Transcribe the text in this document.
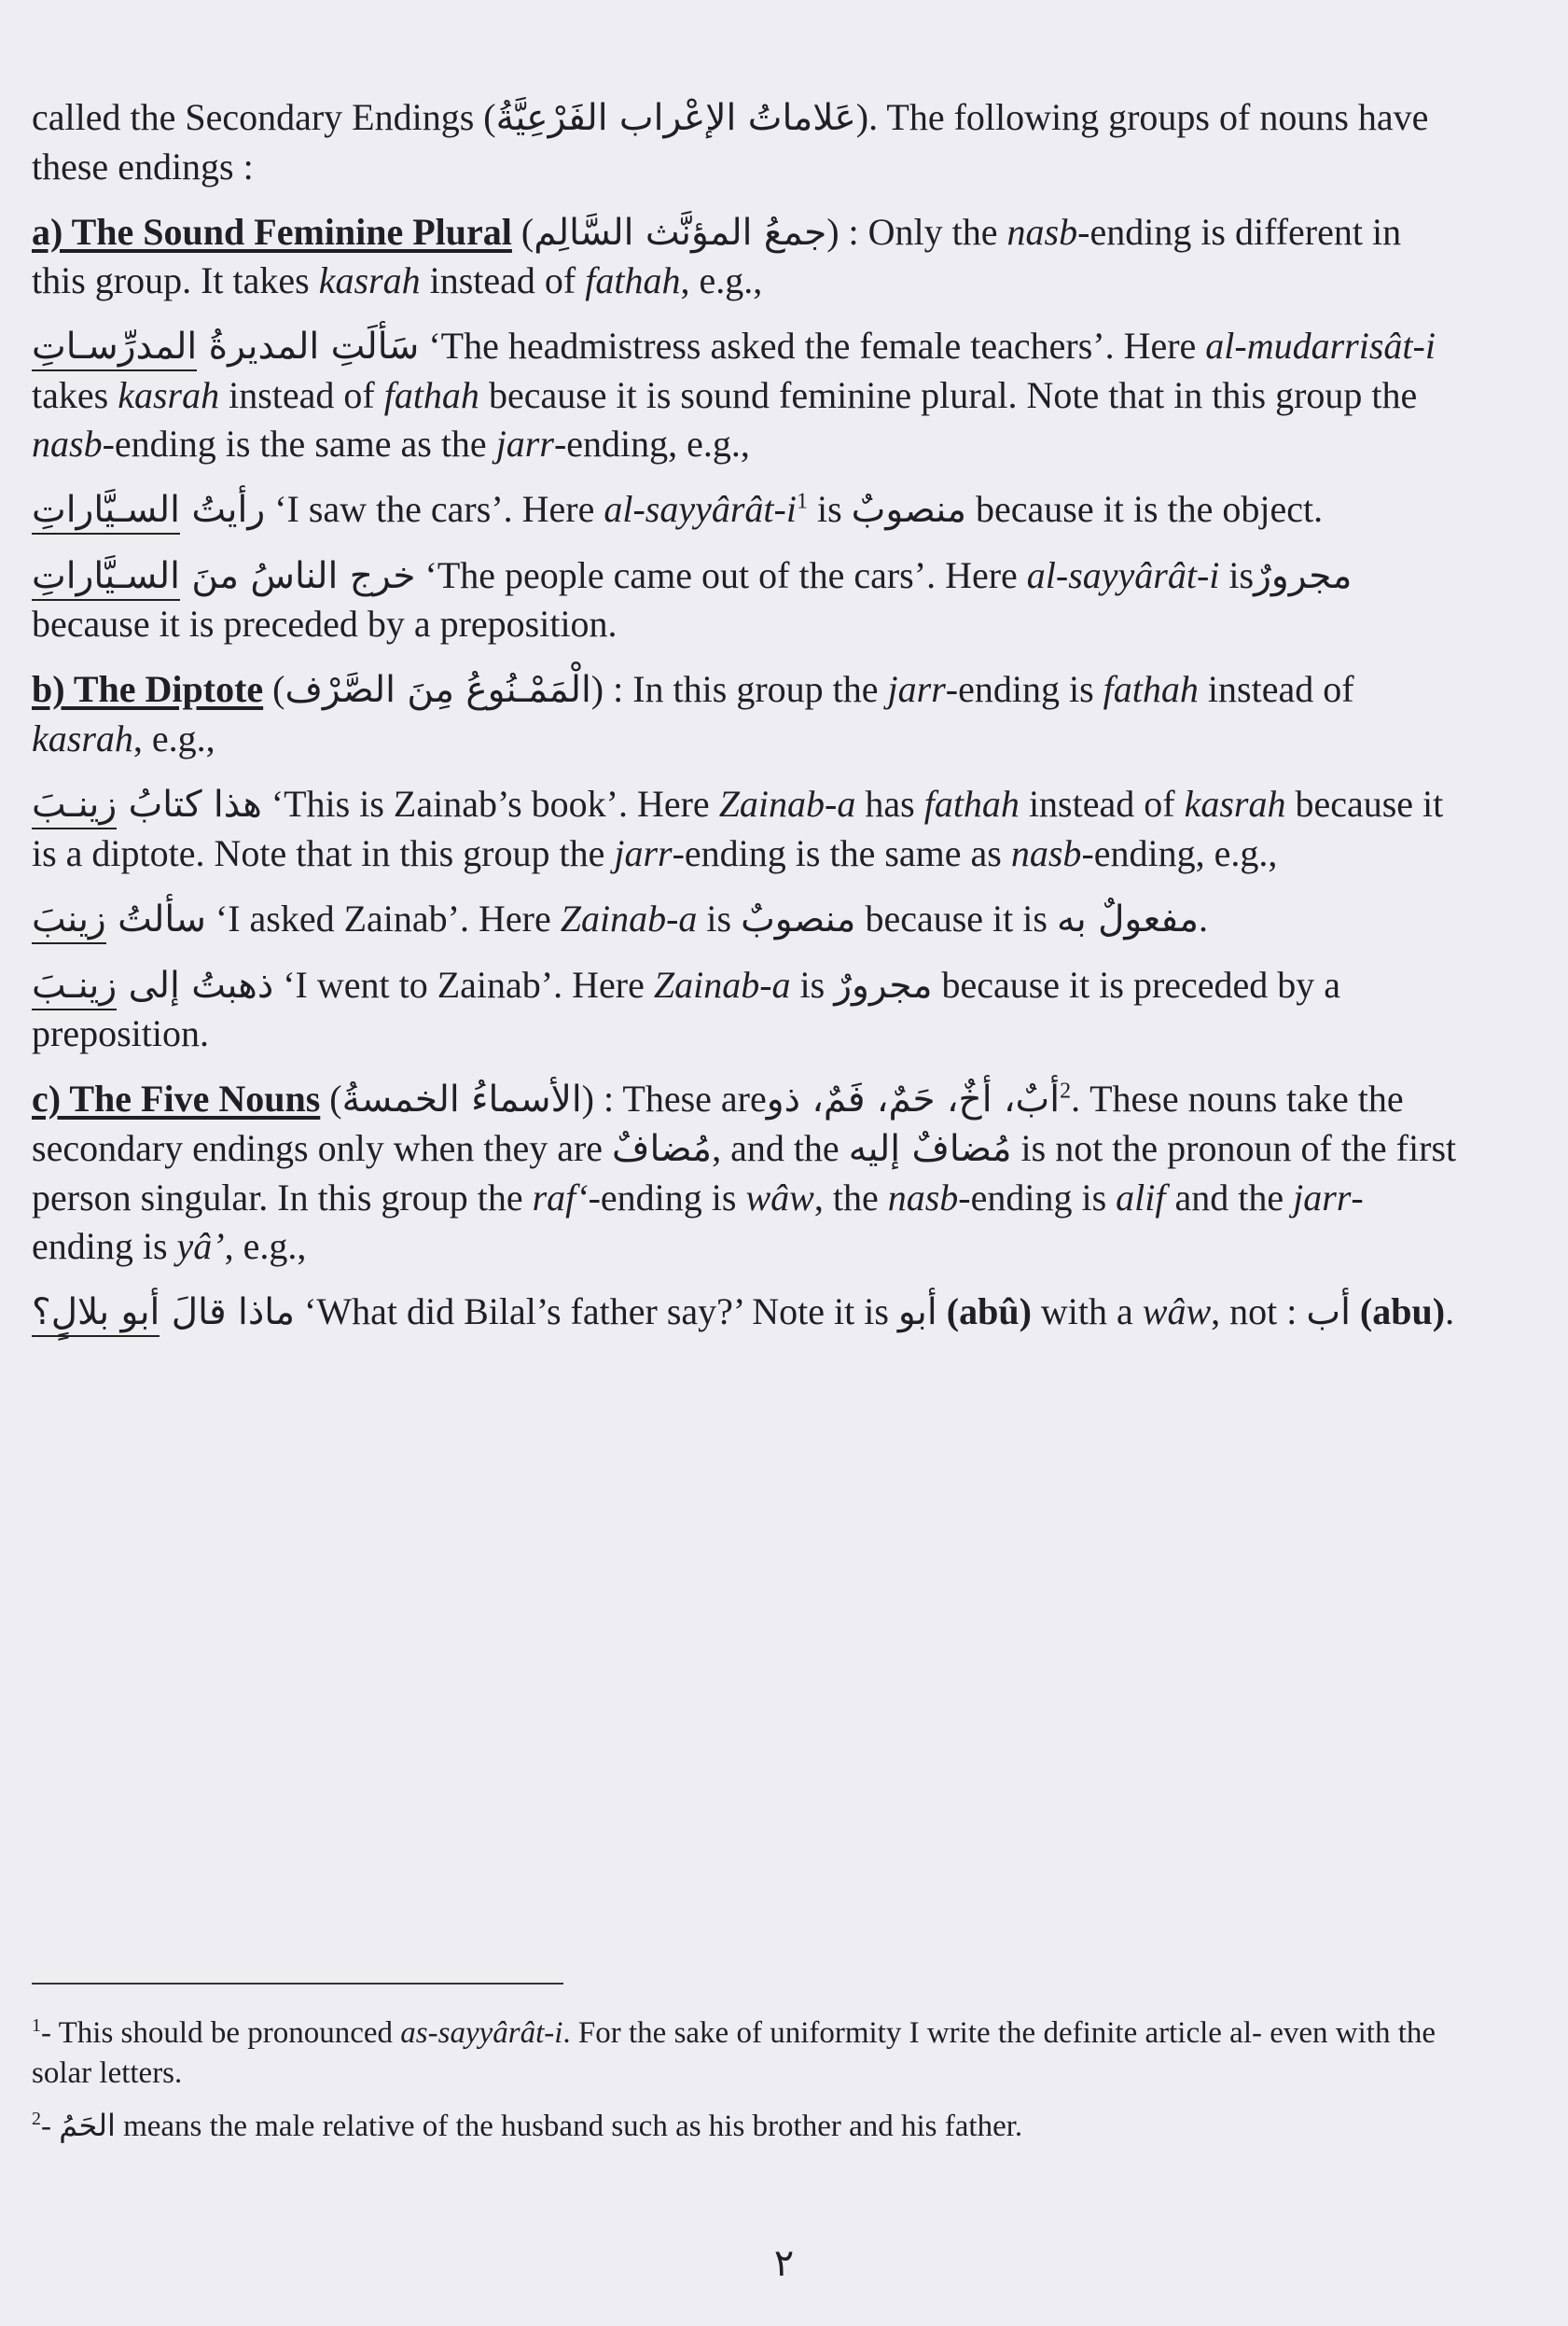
called the Secondary Endings (عَلاماتُ الإعْراب الفَرْعِيَّةُ). The following groups of nouns have these endings :

a) The Sound Feminine Plural (جمعُ المؤنَّث السَّالِم) : Only the nasb-ending is different in this group. It takes kasrah instead of fathah, e.g.,

سَألَتِ المديرةُ المدرِّسـاتِ	‘The headmistress asked the female teachers’. Here al-mudarrisât-i takes kasrah instead of fathah because it is sound feminine plural. Note that in this group the nasb-ending is the same as the jarr-ending, e.g.,

رأيتُ السـيَّاراتِ ‘I saw the cars’. Here $al-sayyârât-i^1$ is منصوبٌ because it is the object.

خرج الناسُ منَ السـيَّاراتِ	‘The people came out of the cars’. Here al-sayyârât-i isمجرورٌ because it is preceded by a preposition.

b) The Diptote (الْمَمْـنُوعُ مِنَ الصَّرْف) : In this group the jarr-ending is fathah instead of kasrah, e.g.,

هذا كتابُ زينـبَ	‘This is Zainab’s book’. Here Zainab-a has fathah instead of kasrah because it is a diptote. Note that in this group the jarr-ending is the same as nasb-ending, e.g.,

سألتُ زينبَ	‘I asked Zainab’. Here Zainab-a is منصوبٌ because it is مفعولٌ به.

ذهبتُ إلى زينـبَ	‘I went to Zainab’. Here Zainab-a is مجرورٌ because it is preceded by a preposition.

c) The Five Nouns (الأسماءُ الخمسةُ) : These areأبٌ، أخٌ، حَمٌ، فَمٌ، ذو$^2$. These nouns take the secondary endings only when they are مُضافٌ, and the مُضافٌ إليه is not the pronoun of the first person singular. In this group the raf‘-ending is wâw, the nasb-ending is alif and the jarr-ending is yâ’, e.g.,

ماذا قالَ أبو بلالٍ؟	‘What did Bilal’s father say?’ Note it is أبو (abû) with a wâw, not : أب (abu).

$^1$- This should be pronounced as-sayyârât-i. For the sake of uniformity I write the definite article al- even with the solar letters.

$^2$- الحَمُ means the male relative of the husband such as his brother and his father.

٢
